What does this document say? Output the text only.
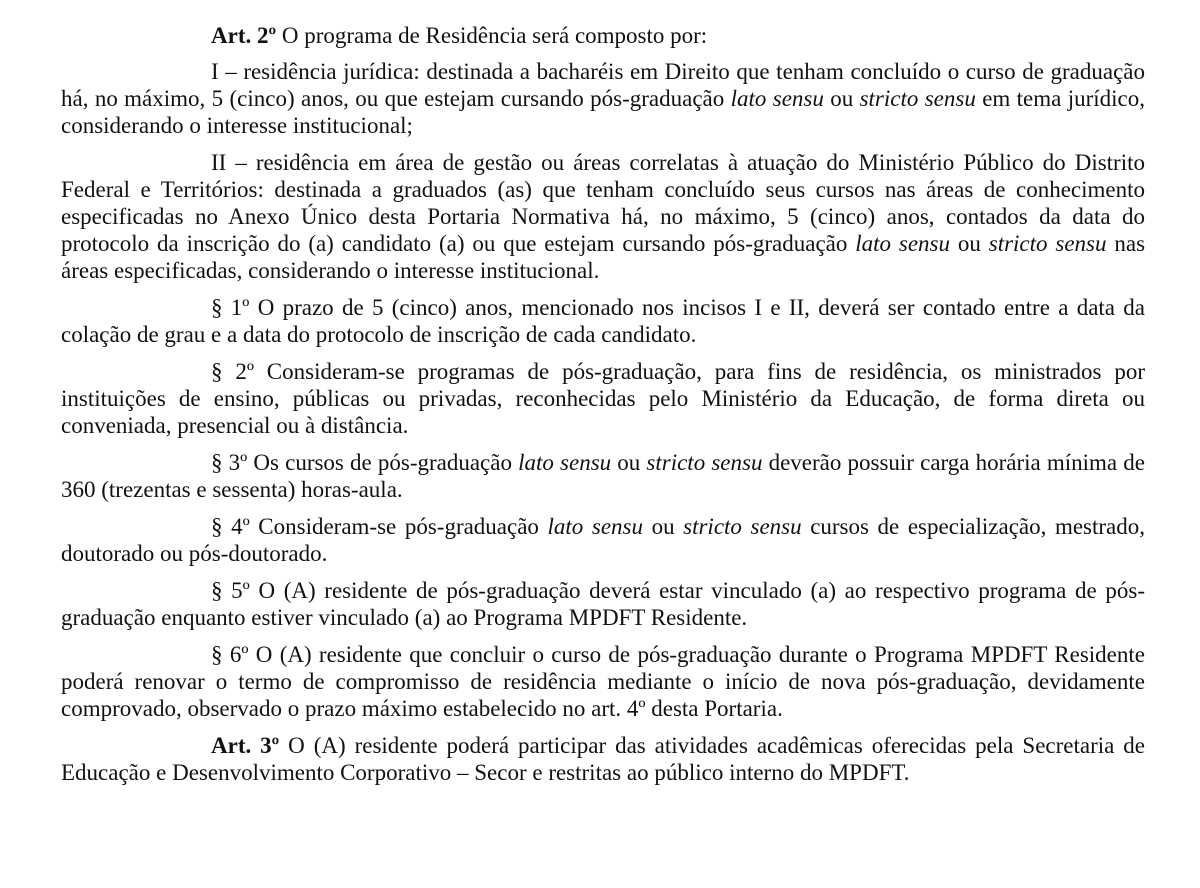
Art. 2º O programa de Residência será composto por:

I – residência jurídica: destinada a bacharéis em Direito que tenham concluído o curso de graduação há, no máximo, 5 (cinco) anos, ou que estejam cursando pós-graduação lato sensu ou stricto sensu em tema jurídico, considerando o interesse institucional;

II – residência em área de gestão ou áreas correlatas à atuação do Ministério Público do Distrito Federal e Territórios: destinada a graduados (as) que tenham concluído seus cursos nas áreas de conhecimento especificadas no Anexo Único desta Portaria Normativa há, no máximo, 5 (cinco) anos, contados da data do protocolo da inscrição do (a) candidato (a) ou que estejam cursando pós-graduação lato sensu ou stricto sensu nas áreas especificadas, considerando o interesse institucional.

§ 1º O prazo de 5 (cinco) anos, mencionado nos incisos I e II, deverá ser contado entre a data da colação de grau e a data do protocolo de inscrição de cada candidato.

§ 2º Consideram-se programas de pós-graduação, para fins de residência, os ministrados por instituições de ensino, públicas ou privadas, reconhecidas pelo Ministério da Educação, de forma direta ou conveniada, presencial ou à distância.

§ 3º Os cursos de pós-graduação lato sensu ou stricto sensu deverão possuir carga horária mínima de 360 (trezentas e sessenta) horas-aula.

§ 4º Consideram-se pós-graduação lato sensu ou stricto sensu cursos de especialização, mestrado, doutorado ou pós-doutorado.

§ 5º O (A) residente de pós-graduação deverá estar vinculado (a) ao respectivo programa de pós-graduação enquanto estiver vinculado (a) ao Programa MPDFT Residente.

§ 6º O (A) residente que concluir o curso de pós-graduação durante o Programa MPDFT Residente poderá renovar o termo de compromisso de residência mediante o início de nova pós-graduação, devidamente comprovado, observado o prazo máximo estabelecido no art. 4º desta Portaria.

Art. 3º O (A) residente poderá participar das atividades acadêmicas oferecidas pela Secretaria de Educação e Desenvolvimento Corporativo – Secor e restritas ao público interno do MPDFT.
